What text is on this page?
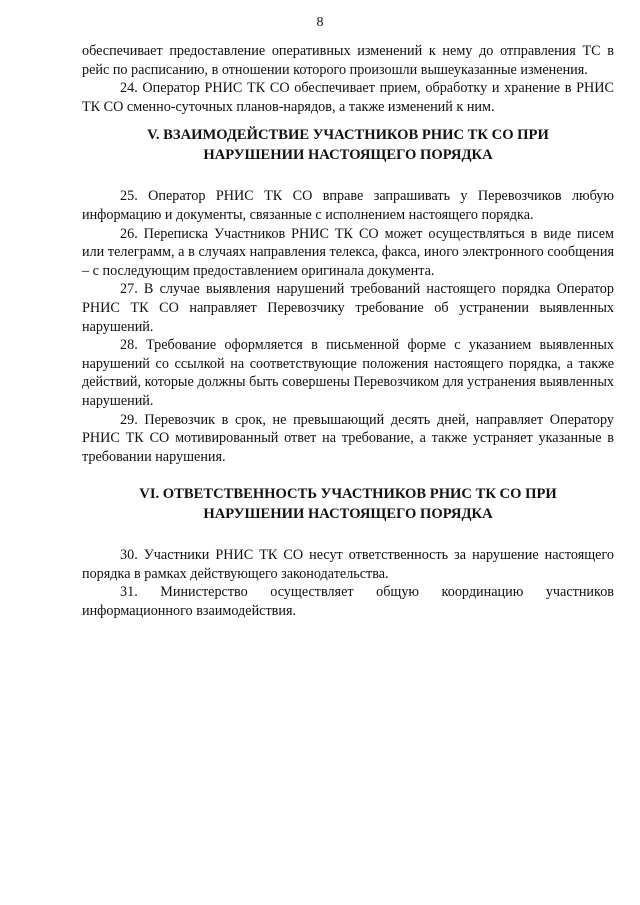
8

обеспечивает предоставление оперативных изменений к нему до отправления ТС в рейс по расписанию, в отношении которого произошли вышеуказанные изменения.

24. Оператор РНИС ТК СО обеспечивает прием, обработку и хранение в РНИС ТК СО сменно-суточных планов-нарядов, а также изменений к ним.

V. ВЗАИМОДЕЙСТВИЕ УЧАСТНИКОВ РНИС ТК СО ПРИ НАРУШЕНИИ НАСТОЯЩЕГО ПОРЯДКА

25. Оператор РНИС ТК СО вправе запрашивать у Перевозчиков любую информацию и документы, связанные с исполнением настоящего порядка.

26. Переписка Участников РНИС ТК СО может осуществляться в виде писем или телеграмм, а в случаях направления телекса, факса, иного электронного сообщения – с последующим предоставлением оригинала документа.

27. В случае выявления нарушений требований настоящего порядка Оператор РНИС ТК СО направляет Перевозчику требование об устранении выявленных нарушений.

28. Требование оформляется в письменной форме с указанием выявленных нарушений со ссылкой на соответствующие положения настоящего порядка, а также действий, которые должны быть совершены Перевозчиком для устранения выявленных нарушений.

29. Перевозчик в срок, не превышающий десять дней, направляет Оператору РНИС ТК СО мотивированный ответ на требование, а также устраняет указанные в требовании нарушения.

VI. ОТВЕТСТВЕННОСТЬ УЧАСТНИКОВ РНИС ТК СО ПРИ НАРУШЕНИИ НАСТОЯЩЕГО ПОРЯДКА

30. Участники РНИС ТК СО несут ответственность за нарушение настоящего порядка в рамках действующего законодательства.

31. Министерство осуществляет общую координацию участников информационного взаимодействия.
